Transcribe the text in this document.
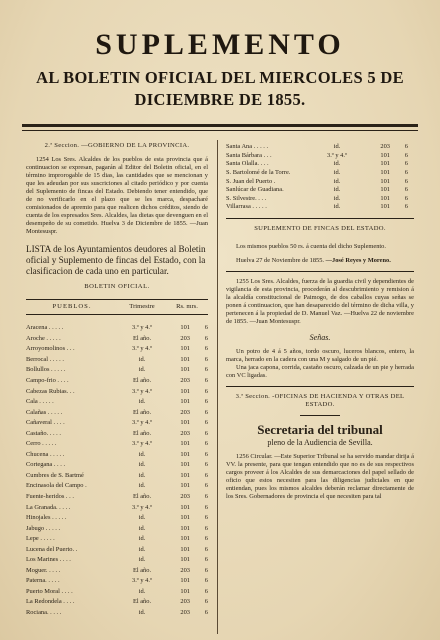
SUPLEMENTO
AL BOLETIN OFICIAL DEL MIERCOLES 5 DE
DICIEMBRE DE 1855.
2.ª Seccion. —GOBIERNO DE LA PROVINCIA.

1254 Los Sres. Alcaldes de los pueblos de esta provincia que á continuacion se expresan, pagarán al Editor del Boletin oficial, en el término improrogable de 15 dias, las cantidades que se mencionan y que les adeudan por sus suscriciones al citado periódico y por cuenta del Suplemento de fincas del Estado. Debiendo tener entendido, que de no verificarlo en el plazo que se les marca, despacharé comisionados de apremio para que realicen dichos créditos, siendo de cuenta de los espresados Sres. Alcaldes, las dietas que devenguen en el desempeño de su cometido. Huelva 3 de Diciembre de 1855. —Juan Montesuspr.

LISTA de los Ayuntamientos deudores al Boletin oficial y Suplemento de fincas del Estado, con la clasificacion de cada uno en particular.
BOLETIN OFICIAL.
PUEBLOS.	Trimestre	Rs. mrs.
Aracena . . . . .	3.º y 4.º	101	6
Aroche . . . . .	El año.	203	6
Arroyomolinos . . .	3.º y 4.º	101	6
Berrocal . . . . .	id.	101	6
Bollullos . . . . .	id.	101	6
Campo-frio . . . .	El año.	203	6
Cabezas Rubias. . .	3.º y 4.º	101	6
Cala . . . . .	id.	101	6
Calañas . . . . .	El año.	203	6
Cañaveral . . . .	3.º y 4.º	101	6
Castaño. . . . .	El año.	203	6
Cerro . . . . .	3.º y 4.º	101	6
Chucena . . . . .	id.	101	6
Cortegana . . . .	id.	101	6
Cumbres de S. Bartmé	id.	101	6
Encinasola del Campo .	id.	101	6
Fuente-heridos . . .	El año.	203	6
La Granada. . . . .	3.º y 4.º	101	6
Hinojales . . . . .	id.	101	6
Jabugo . . . . .	id.	101	6
Lepe . . . . .	id.	101	6
Lucena del Puerto. .	id.	101	6
Los Marines . . . .	id.	101	6
Moguer. . . . .	El año.	203	6
Paterna. . . . .	3.º y 4.º	101	6
Puerto Moral . . . .	id.	101	6
La Redondela . . . .	El año.	203	6
Rociana. . . . .	id.	203	6
Santa Ana . . . . .	id.	203	6
Santa Bárbara . . .	3.º y 4.º	101	6
Santa Olalla. . . .	id.	101	6
S. Bartolomé de la Torre.	id.	101	6
S. Juan del Puerto .	id.	101	6
Sanlúcar de Guadiana.	id.	101	6
S. Silvestre. . . .	id.	101	6
Villarrasa . . . . .	id.	101	6
SUPLEMENTO DE FINCAS DEL ESTADO.

Los mismos pueblos 50 rs. á cuenta del dicho Suplemento.

Huelva 27 de Noviembre de 1855. —José Reyes y Moreno.

1255 Los Sres. Alcaldes, fuerza de la guardia civil y dependientes de vigilancia de esta provincia, procederán al descubrimiento y remision á la alcaldía constitucional de Paimogo, de dos caballos cuyas señas se ponen á continuacion, que han desaparecido del término de dicha villa, y pertenecen á la propiedad de D. Manuel Vaz. —Huelva 22 de noviembre de 1855. —Juan Montesuspr.

Señas.

Un potro de 4 á 5 años, tordo oscuro, luceros blancos, entero, la marca, herrado en la cadera con una M y salgado de un pié.

Una jaca capona, corrida, castaño oscuro, calzada de un pie y herrada con VC ligadas.

3.ª Seccion. -OFICINAS DE HACIENDA Y OTRAS DEL ESTADO.
Secretaria del tribunal
pleno de la Audiencia de Sevilla.

1256 Circular. —Este Superior Tribunal se ha servido mandar dirija á VV. la presente, para que tengan entendido que no es de sus respectivos cargos proveer á los Alcaldes de sus demarcaciones del papel sellado de oficio que estos necesiten para las diligencias judiciales en que entiendan, pues los mismos alcaldes deberán reclamar directamente de los Sres. Gobernadores de provincia el que necesiten para tal
